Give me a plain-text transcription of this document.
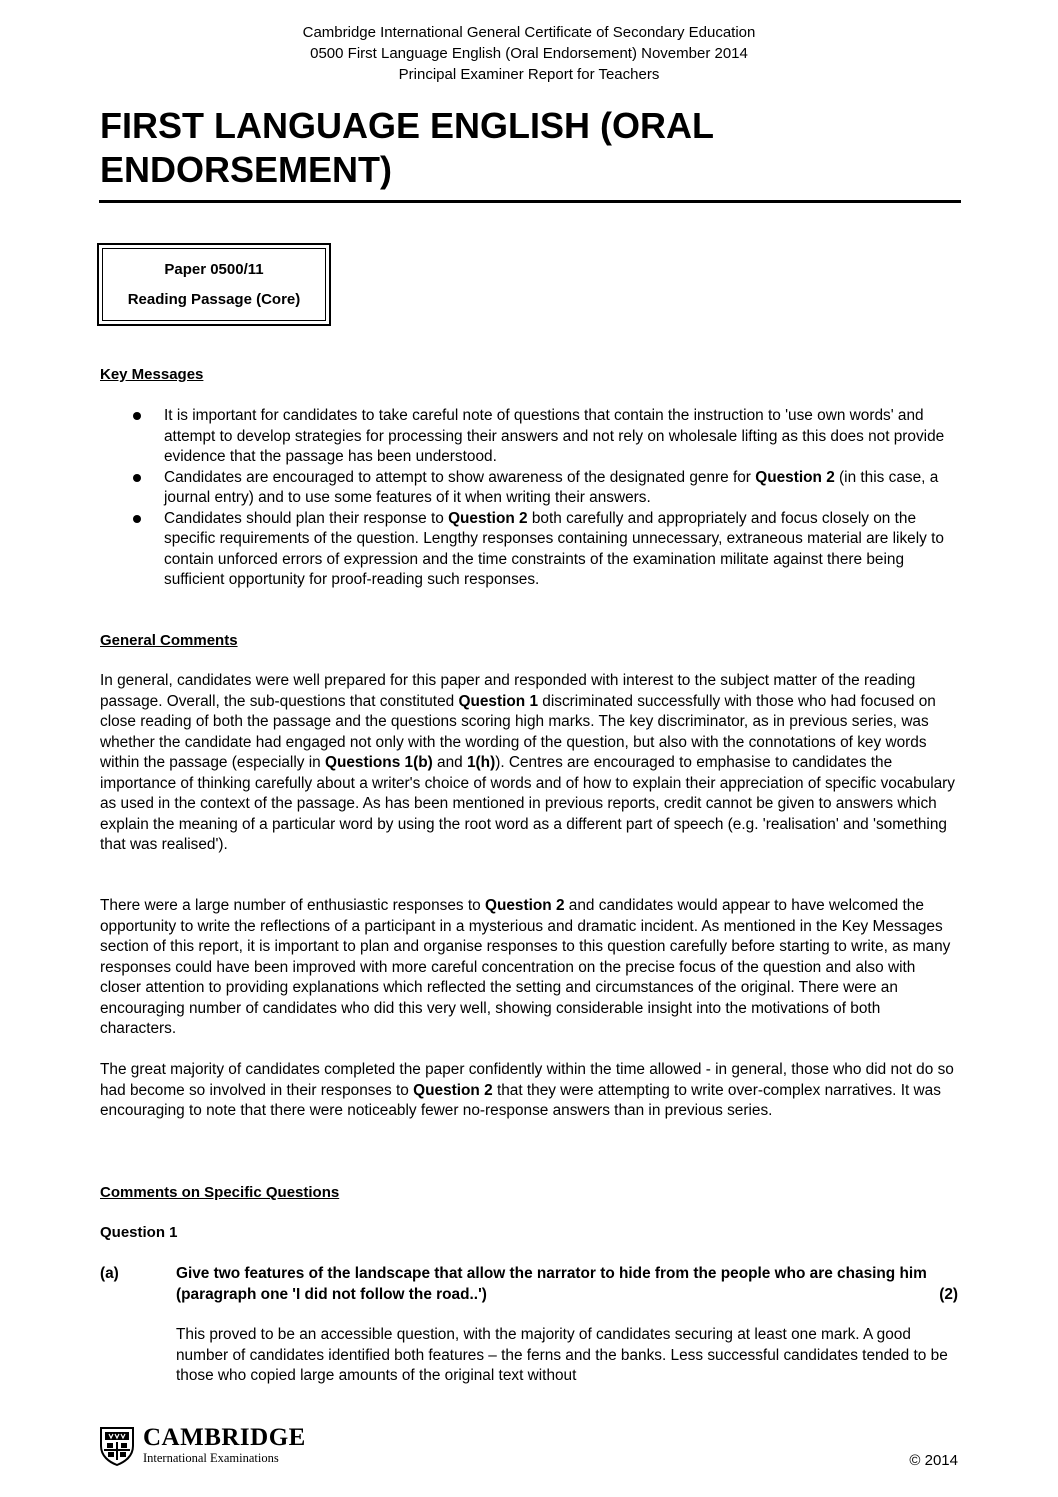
Cambridge International General Certificate of Secondary Education
0500 First Language English (Oral Endorsement) November 2014
Principal Examiner Report for Teachers
FIRST LANGUAGE ENGLISH (ORAL
ENDORSEMENT)
Paper 0500/11
Reading Passage (Core)
Key Messages
It is important for candidates to take careful note of questions that contain the instruction to 'use own words' and attempt to develop strategies for processing their answers and not rely on wholesale lifting as this does not provide evidence that the passage has been understood.
Candidates are encouraged to attempt to show awareness of the designated genre for Question 2 (in this case, a journal entry) and to use some features of it when writing their answers.
Candidates should plan their response to Question 2 both carefully and appropriately and focus closely on the specific requirements of the question. Lengthy responses containing unnecessary, extraneous material are likely to contain unforced errors of expression and the time constraints of the examination militate against there being sufficient opportunity for proof-reading such responses.
General Comments

In general, candidates were well prepared for this paper and responded with interest to the subject matter of the reading passage. Overall, the sub-questions that constituted Question 1 discriminated successfully with those who had focused on close reading of both the passage and the questions scoring high marks. The key discriminator, as in previous series, was whether the candidate had engaged not only with the wording of the question, but also with the connotations of key words within the passage (especially in Questions 1(b) and 1(h)). Centres are encouraged to emphasise to candidates the importance of thinking carefully about a writer's choice of words and of how to explain their appreciation of specific vocabulary as used in the context of the passage. As has been mentioned in previous reports, credit cannot be given to answers which explain the meaning of a particular word by using the root word as a different part of speech (e.g. 'realisation' and 'something that was realised').

There were a large number of enthusiastic responses to Question 2 and candidates would appear to have welcomed the opportunity to write the reflections of a participant in a mysterious and dramatic incident. As mentioned in the Key Messages section of this report, it is important to plan and organise responses to this question carefully before starting to write, as many responses could have been improved with more careful concentration on the precise focus of the question and also with closer attention to providing explanations which reflected the setting and circumstances of the original. There were an encouraging number of candidates who did this very well, showing considerable insight into the motivations of both characters.

The great majority of candidates completed the paper confidently within the time allowed - in general, those who did not do so had become so involved in their responses to Question 2 that they were attempting to write over-complex narratives. It was encouraging to note that there were noticeably fewer no-response answers than in previous series.

Comments on Specific Questions
Question 1
(a)	Give two features of the landscape that allow the narrator to hide from the people who are chasing him (paragraph one 'I did not follow the road..')	(2)

This proved to be an accessible question, with the majority of candidates securing at least one mark. A good number of candidates identified both features – the ferns and the banks. Less successful candidates tended to be those who copied large amounts of the original text without

CAMBRIDGE
International Examinations	© 2014
